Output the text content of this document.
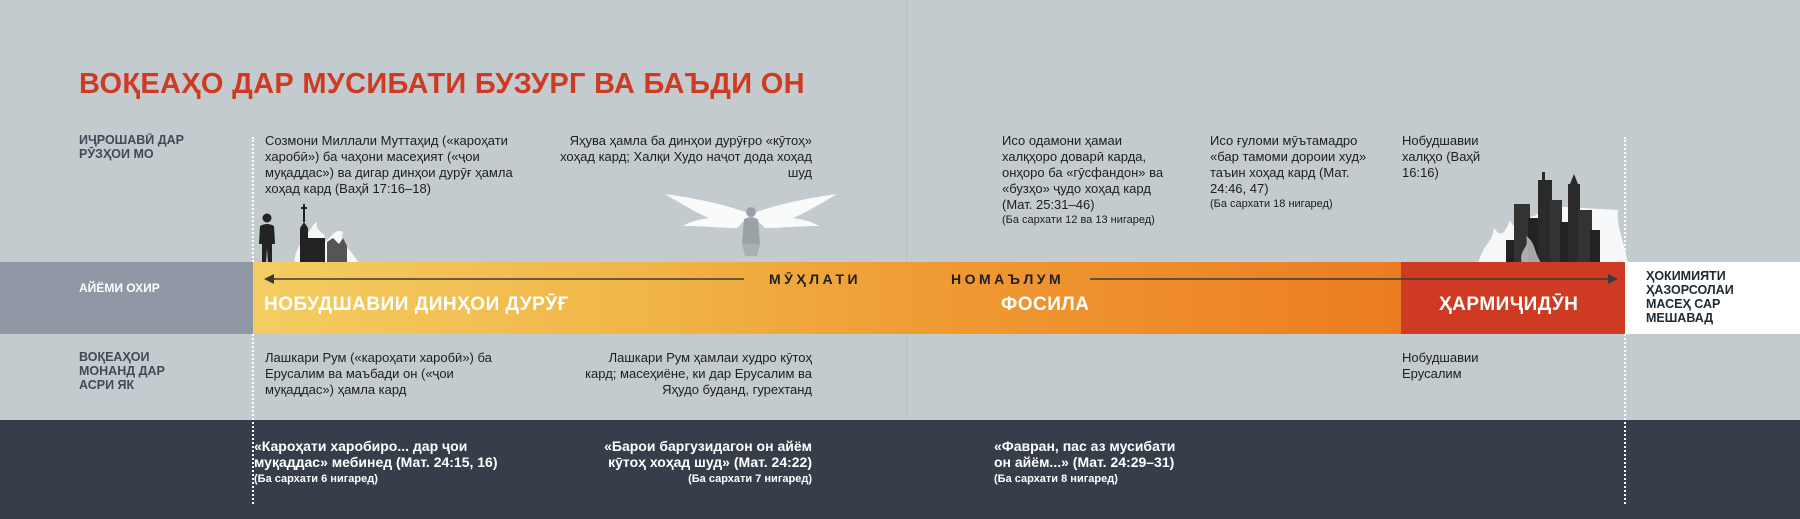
ВОҚЕАҲО ДАР МУСИБАТИ БУЗУРГ ВА БАЪДИ ОН
ИҶРОШАВӢ ДАР РӮЗҲОИ МО
ВОҚЕАҲОИ МОНАНД ДАР АСРИ ЯК
Созмони Миллали Муттаҳид («кароҳати харобӣ») ба чаҳони масеҳият («ҷои муқаддас») ва дигар динҳои дурӯғ ҳамла хоҳад кард (Ваҳй 17:16–18)
Яҳува ҳамла ба динҳои дурӯғро «кӯтоҳ» хоҳад кард; Халқи Худо наҷот дода хоҳад шуд
Исо одамони ҳамаи халқҳоро доварӣ карда, онҳоро ба «гӯсфандон» ва «бузҳо» ҷудо хоҳад кард (Мат. 25:31–46)
(Ба сархати 12 ва 13 нигаред)
Исо ғуломи мӯътамадро «бар тамоми дороии худ» таъин хоҳад кард (Мат. 24:46, 47)
(Ба сархати 18 нигаред)
Нобудшавии халқҳо (Ваҳй 16:16)
АЙЁМИ ОХИР
НОБУДШАВИИ ДИНҲОИ ДУРӮҒ	ФОСИЛА	ҲАРМИҶИДӮН
ҲОКИМИЯТИ ҲАЗОРСОЛАИ МАСЕҲ САР МЕШАВАД
МӮҲЛАТИ	НОМАЪЛУМ
Лашкари Рум («кароҳати харобӣ») ба Ерусалим ва маъбади он («ҷои муқаддас») ҳамла кард
Лашкари Рум ҳамлаи худро кӯтоҳ кард; масеҳиёне, ки дар Ерусалим ва Яҳудо буданд, гурехтанд
Нобудшавии Ерусалим
«Кароҳати харобиро... дар ҷои муқаддас» мебинед (Мат. 24:15, 16)
(Ба сархати 6 нигаред)
«Барои баргузидагон он айём кӯтоҳ хоҳад шуд» (Мат. 24:22)
(Ба сархати 7 нигаред)
«Фавран, пас аз мусибати он айём...» (Мат. 24:29–31)
(Ба сархати 8 нигаред)
